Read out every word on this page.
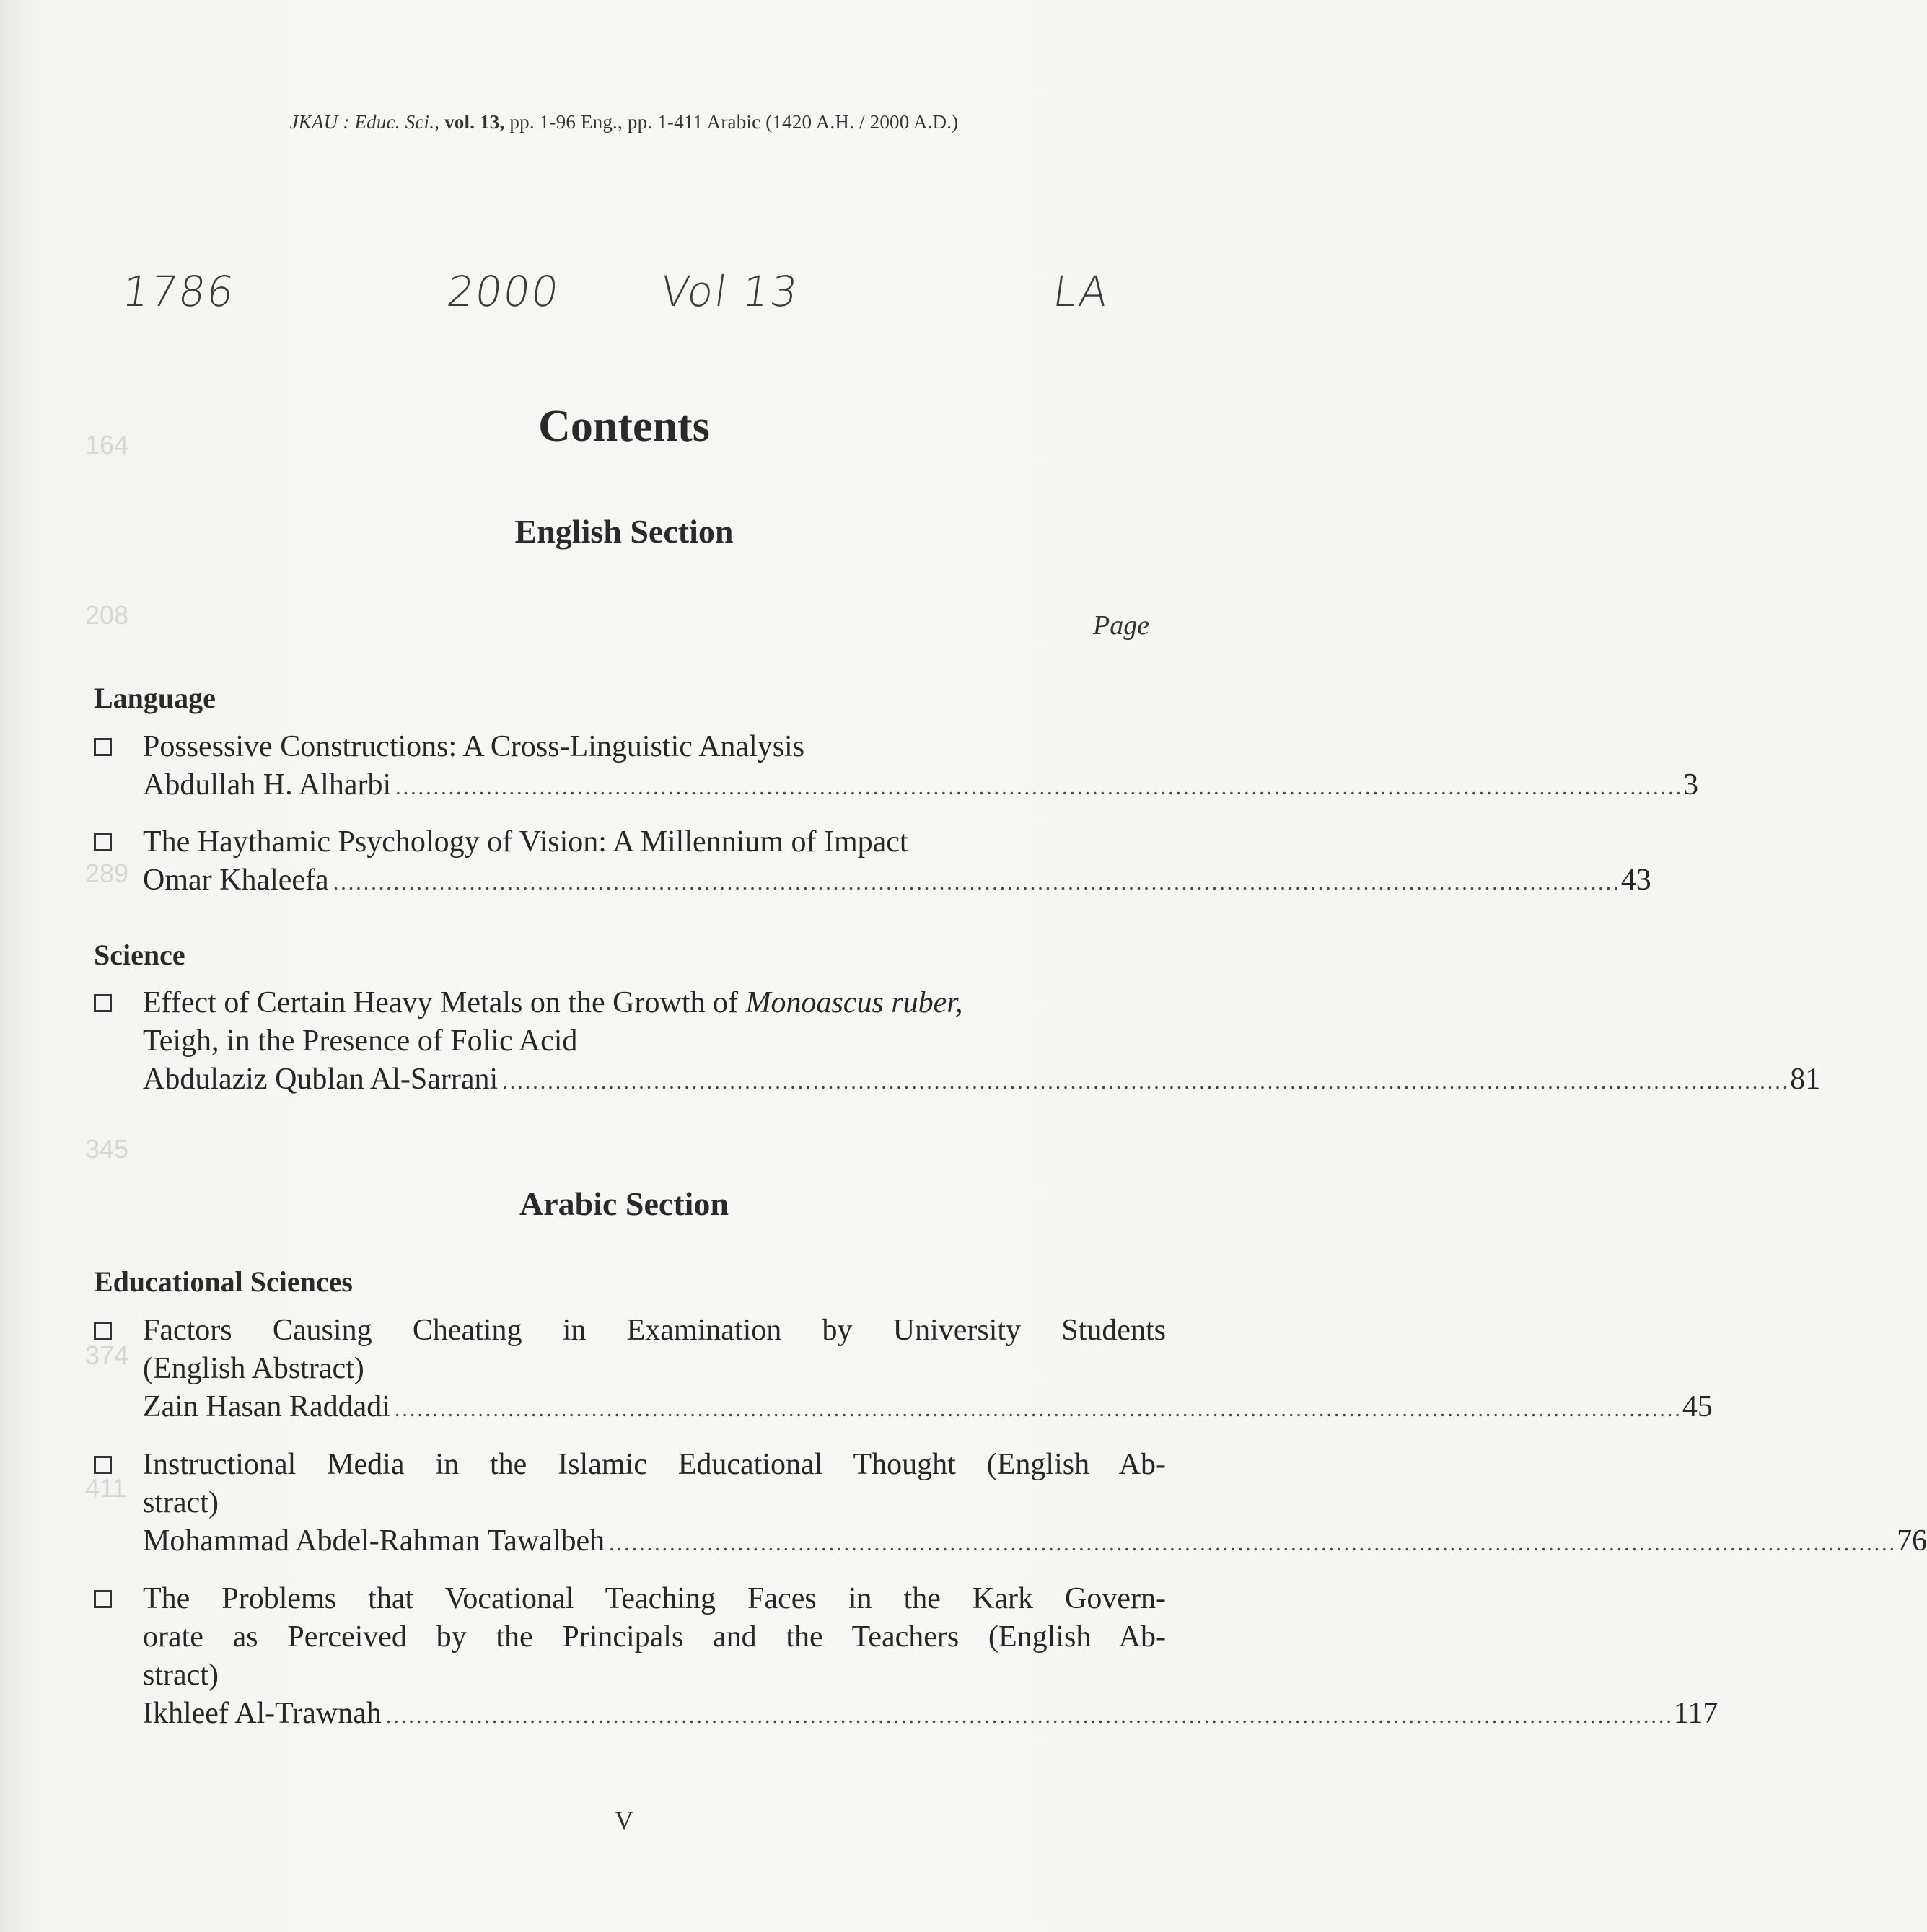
164
208
289
345
374
411
JKAU : Educ. Sci., vol. 13, pp. 1-96 Eng., pp. 1-411 Arabic (1420 A.H. / 2000 A.D.)
1786	2000 Vol 13	LA
Contents
English Section
Page
Language
Possessive Constructions: A Cross-Linguistic Analysis
Abdullah H. Alharbi .......................................................................................................................................................................... 3
The Haythamic Psychology of Vision: A Millennium of Impact
Omar Khaleefa .......................................................................................................................................................................... 43
Science
Effect of Certain Heavy Metals on the Growth of Monoascus ruber,
Teigh, in the Presence of Folic Acid
Abdulaziz Qublan Al-Sarrani .......................................................................................................................................................................... 81
Arabic Section
Educational Sciences
Factors Causing Cheating in Examination by University Students
(English Abstract)
Zain Hasan Raddadi .......................................................................................................................................................................... 45
Instructional Media in the Islamic Educational Thought (English Ab-
stract)
Mohammad Abdel-Rahman Tawalbeh .......................................................................................................................................................................... 76
The Problems that Vocational Teaching Faces in the Kark Govern-
orate as Perceived by the Principals and the Teachers (English Ab-
stract)
Ikhleef Al-Trawnah .......................................................................................................................................................................... 117
V
